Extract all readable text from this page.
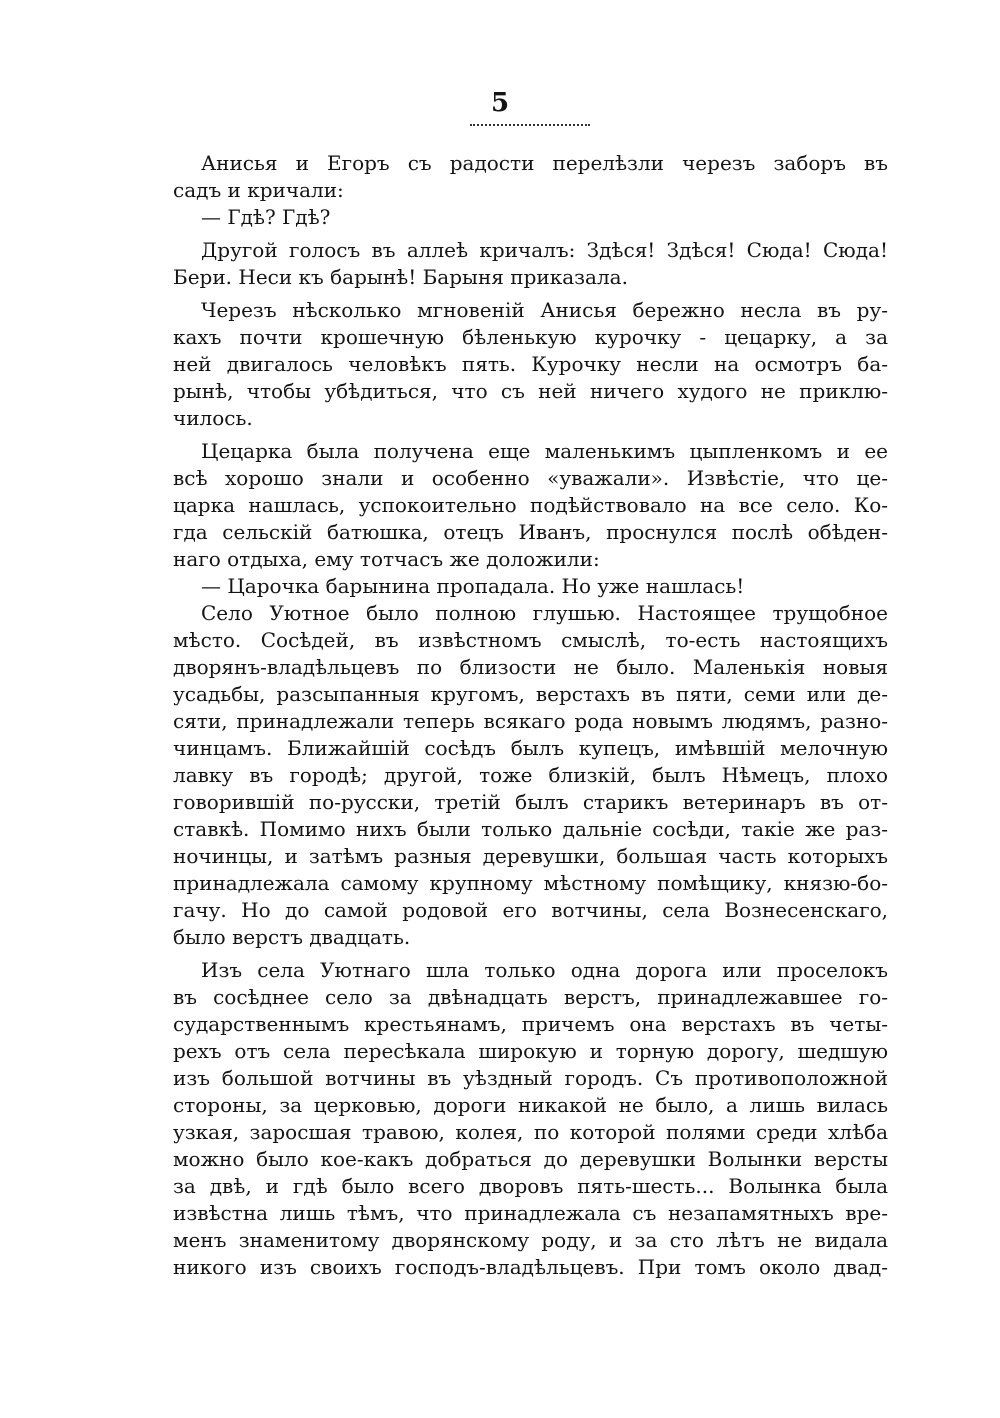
5
Анисья и Егоръ съ радости перелѣзли черезъ заборъ въ
садъ и кричали:
— Гдѣ? Гдѣ?
Другой голосъ въ аллеѣ кричалъ: Здѣся! Здѣся! Сюда! Сюда!
Бери. Неси къ барынѣ! Барыня приказала.
Черезъ нѣсколько мгновеній Анисья бережно несла въ ру-
кахъ почти крошечную бѣленькую курочку - цецарку, а за
ней двигалось человѣкъ пять. Курочку несли на осмотръ ба-
рынѣ, чтобы убѣдиться, что съ ней ничего худого не приклю-
чилось.
Цецарка была получена еще маленькимъ цыпленкомъ и ее
всѣ хорошо знали и особенно «уважали». Извѣстіе, что це-
царка нашлась, успокоительно подѣйствовало на все село. Ко-
гда сельскій батюшка, отецъ Иванъ, проснулся послѣ обѣден-
наго отдыха, ему тотчасъ же доложили:
— Царочка барынина пропадала. Но уже нашлась!
Село Уютное было полною глушью. Настоящее трущобное
мѣсто. Сосѣдей, въ извѣстномъ смыслѣ, то-есть настоящихъ
дворянъ-владѣльцевъ по близости не было. Маленькія новыя
усадьбы, разсыпанныя кругомъ, верстахъ въ пяти, семи или де-
сяти, принадлежали теперь всякаго рода новымъ людямъ, разно-
чинцамъ. Ближайшій сосѣдъ былъ купецъ, имѣвшій мелочную
лавку въ городѣ; другой, тоже близкій, былъ Нѣмецъ, плохо
говорившій по-русски, третій былъ старикъ ветеринаръ въ от-
ставкѣ. Помимо нихъ были только дальніе сосѣди, такіе же раз-
ночинцы, и затѣмъ разныя деревушки, большая часть которыхъ
принадлежала самому крупному мѣстному помѣщику, князю-бо-
гачу. Но до самой родовой его вотчины, села Вознесенскаго,
было верстъ двадцать.
Изъ села Уютнаго шла только одна дорога или проселокъ
въ сосѣднее село за двѣнадцать верстъ, принадлежавшее го-
сударственнымъ крестьянамъ, причемъ она верстахъ въ четы-
рехъ отъ села пересѣкала широкую и торную дорогу, шедшую
изъ большой вотчины въ уѣздный городъ. Съ противоположной
стороны, за церковью, дороги никакой не было, а лишь вилась
узкая, заросшая травою, колея, по которой полями среди хлѣба
можно было кое-какъ добраться до деревушки Волынки версты
за двѣ, и гдѣ было всего дворовъ пять-шесть... Волынка была
извѣстна лишь тѣмъ, что принадлежала съ незапамятныхъ вре-
менъ знаменитому дворянскому роду, и за сто лѣтъ не видала
никого изъ своихъ господъ-владѣльцевъ. При томъ около двад-
